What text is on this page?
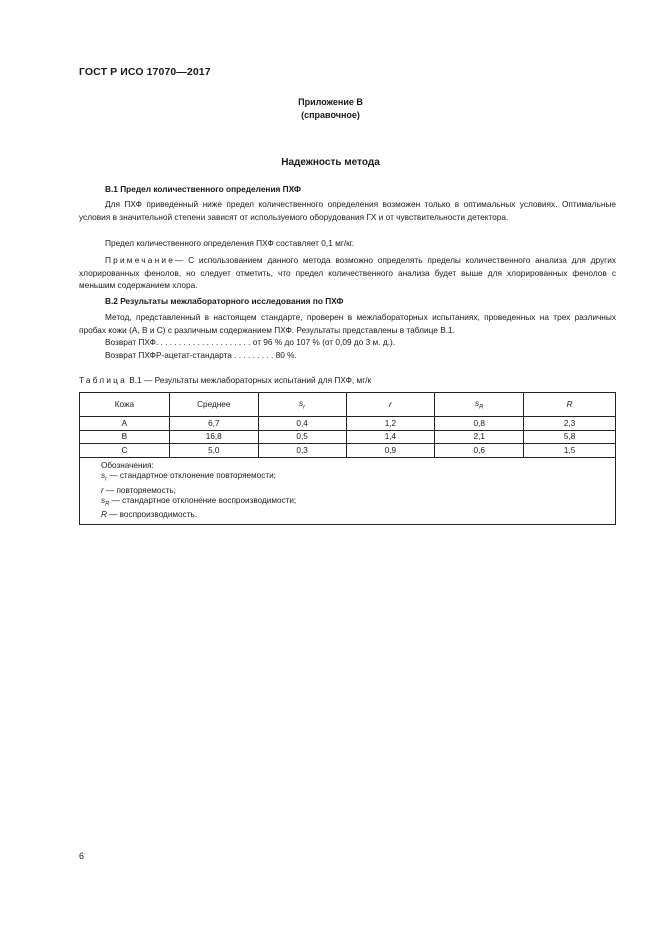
ГОСТ Р ИСО 17070—2017
Приложение В
(справочное)
Надежность метода
В.1 Предел количественного определения ПХФ
Для ПХФ приведенный ниже предел количественного определения возможен только в оптимальных условиях. Оптимальные условия в значительной степени зависят от используемого оборудования ГХ и от чувствительности детектора.
Предел количественного определения ПХФ составляет 0,1 мг/кг.
Примечание— С использованием данного метода возможно определять пределы количественного анализа для других хлорированных фенолов, но следует отметить, что предел количественного анализа будет выше для хлорированных фенолов с меньшим содержанием хлора.
В.2 Результаты межлабораторного исследования по ПХФ
Метод, представленный в настоящем стандарте, проверен в межлабораторных испытаниях, проведенных на трех различных пробах кожи (А, В и С) с различным содержанием ПХФ. Результаты представлены в таблице В.1.
Возврат ПХФ. . . . . . . . . . . . . . . . . . . . . от 96 % до 107 % (от 0,09 до 3 м. д.).
Возврат ПХФР-ацетат-стандарта . . . . . . . . . 80 %.
Таблица В.1 — Результаты межлабораторных испытаний для ПХФ, мг/к
Кожа	Среднее	$s_r$	r	$s_R$	R
А	6,7	0,4	1,2	0,8	2,3
В	16,8	0,5	1,4	2,1	5,8
С	5,0	0,3	0,9	0,6	1,5

Обозначения:
$s_r$ — стандартное отклонение повторяемости;
r — повторяемость;
$s_R$ — стандартное отклонение воспроизводимости;
R — воспроизводимость.					
6
